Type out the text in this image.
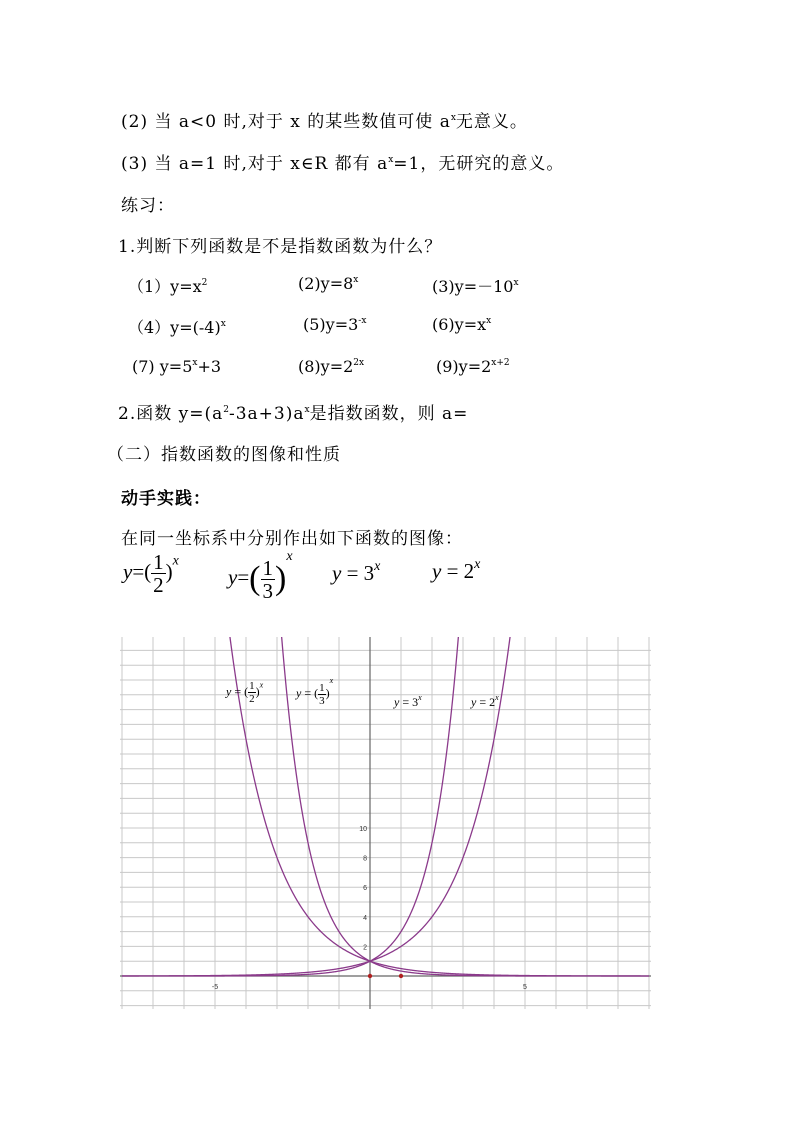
(2) 当 a<0 时,对于 x 的某些数值可使 $a^x$无意义。
(3) 当 a=1 时,对于 x∈R 都有 $a^x=1$，无研究的意义。
练习：
1.判断下列函数是不是指数函数为什么？
$(1)y=x^2$	$(2)y=8^x$	$(3)y=-10^x$
$(4)y=(-4)^x$	$(5)y=3^{-x}$	$(6)y=x^x$
(7) $y=5^x+3$	$(8)y=2^{2x}$	$(9)y=2^{x+2}$
2.函数 $y=(a^2-3a+3)a^x$是指数函数，则 a=
（二）指数函数的图像和性质
动手实践：
在同一坐标系中分别作出如下函数的图像：
$y=( \frac{1}{2} )^x$
$y=( \frac{1}{3} )^x$
$y = 3^x$ $y = 2^x$
-5	5
2
4
6
8
10
y = ( $\frac{1}{2} )^x$
y = ( $\frac{1}{3} )^x$
$y = 3^x$	$y = 2^x$
